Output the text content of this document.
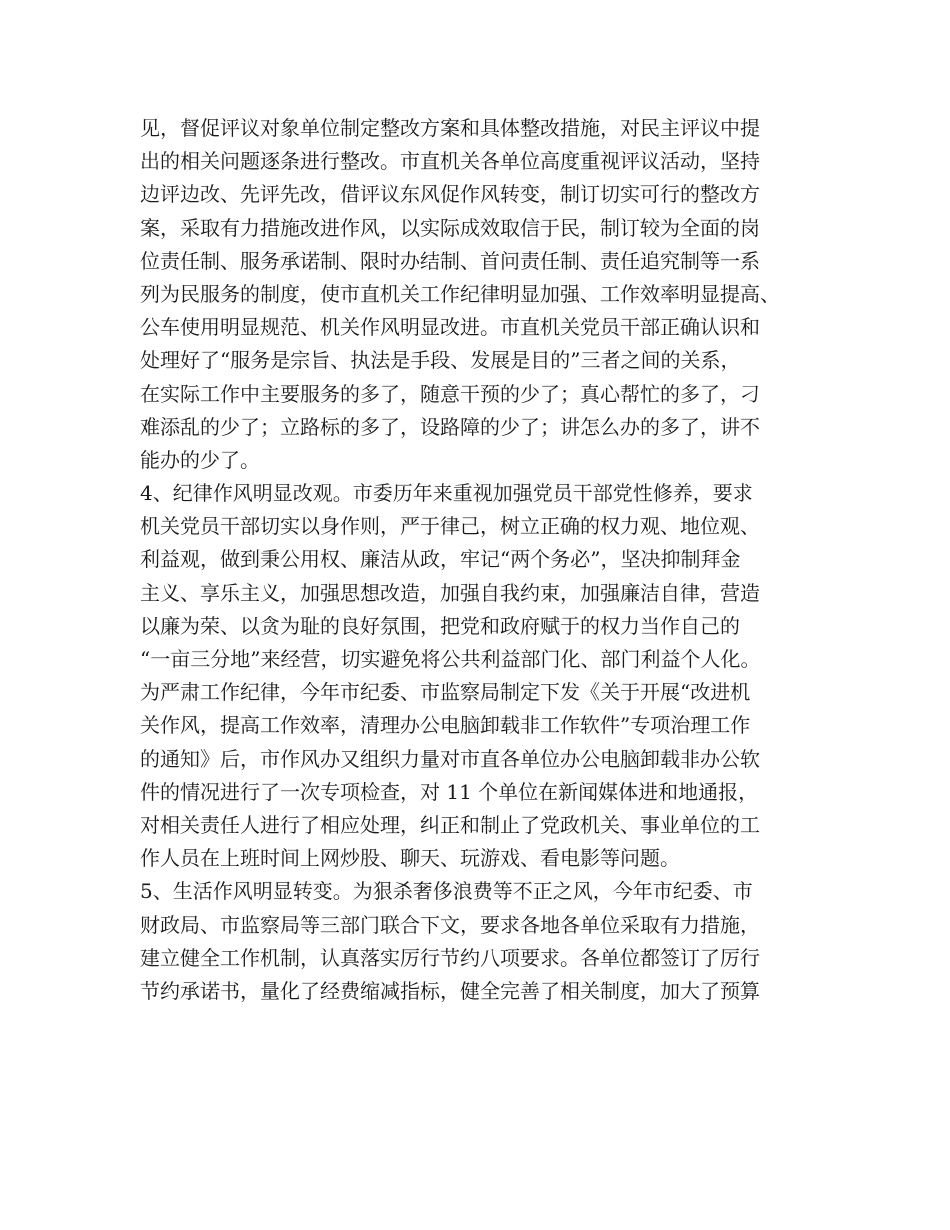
见，督促评议对象单位制定整改方案和具体整改措施，对民主评议中提
出的相关问题逐条进行整改。市直机关各单位高度重视评议活动，坚持
边评边改、先评先改，借评议东风促作风转变，制订切实可行的整改方
案，采取有力措施改进作风，以实际成效取信于民，制订较为全面的岗
位责任制、服务承诺制、限时办结制、首问责任制、责任追究制等一系
列为民服务的制度，使市直机关工作纪律明显加强、工作效率明显提高、
公车使用明显规范、机关作风明显改进。市直机关党员干部正确认识和
处理好了“服务是宗旨、执法是手段、发展是目的”三者之间的关系，
在实际工作中主要服务的多了，随意干预的少了；真心帮忙的多了，刁
难添乱的少了；立路标的多了，设路障的少了；讲怎么办的多了，讲不
能办的少了。
4、纪律作风明显改观。市委历年来重视加强党员干部党性修养，要求
机关党员干部切实以身作则，严于律己，树立正确的权力观、地位观、
利益观，做到秉公用权、廉洁从政，牢记“两个务必”，坚决抑制拜金
主义、享乐主义，加强思想改造，加强自我约束，加强廉洁自律，营造
以廉为荣、以贪为耻的良好氛围，把党和政府赋于的权力当作自己的
“一亩三分地”来经营，切实避免将公共利益部门化、部门利益个人化。
为严肃工作纪律，今年市纪委、市监察局制定下发《关于开展“改进机
关作风，提高工作效率，清理办公电脑卸载非工作软件”专项治理工作
的通知》后，市作风办又组织力量对市直各单位办公电脑卸载非办公软
件的情况进行了一次专项检查，对 11 个单位在新闻媒体进和地通报，
对相关责任人进行了相应处理，纠正和制止了党政机关、事业单位的工
作人员在上班时间上网炒股、聊天、玩游戏、看电影等问题。
5、生活作风明显转变。为狠杀奢侈浪费等不正之风，今年市纪委、市
财政局、市监察局等三部门联合下文，要求各地各单位采取有力措施，
建立健全工作机制，认真落实厉行节约八项要求。各单位都签订了厉行
节约承诺书，量化了经费缩减指标，健全完善了相关制度，加大了预算
